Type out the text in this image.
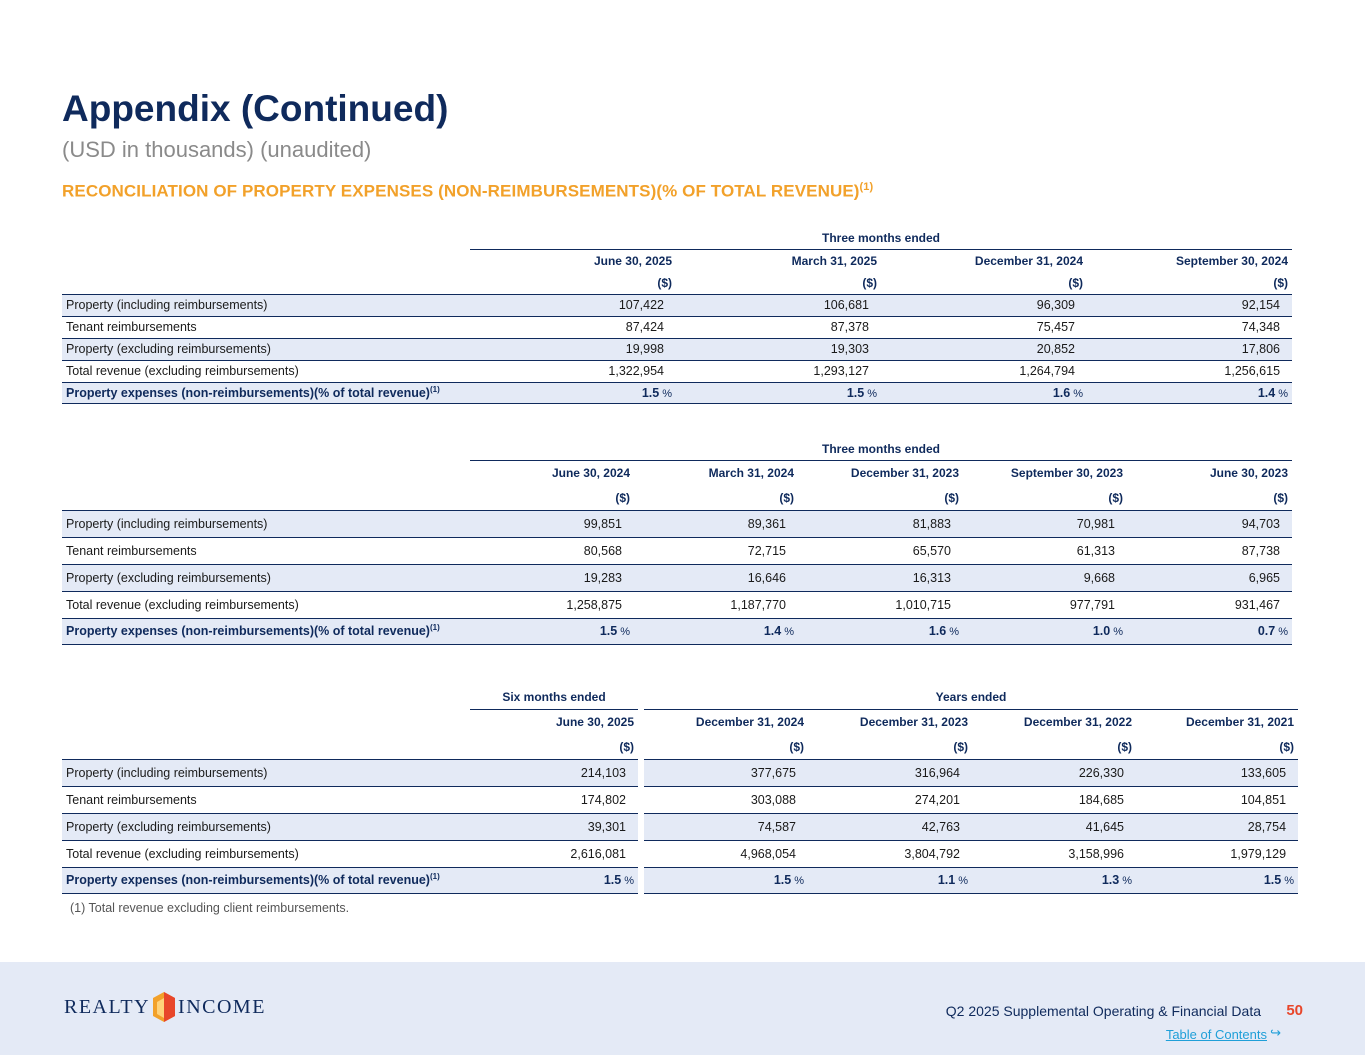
Appendix (Continued)
(USD in thousands) (unaudited)
RECONCILIATION OF PROPERTY EXPENSES (NON-REIMBURSEMENTS)(% OF TOTAL REVENUE)$^{(1)}$
	Three months ended			
	June 30, 2025	March 31, 2025	December 31, 2024	September 30, 2024
	($)	($)	($)	($)
Property (including reimbursements)	107,422	106,681	96,309	92,154
Tenant reimbursements	87,424	87,378	75,457	74,348
Property (excluding reimbursements)	19,998	19,303	20,852	17,806
Total revenue (excluding reimbursements)	1,322,954	1,293,127	1,264,794	1,256,615
Property expenses (non-reimbursements)(% of total revenue)$^{(1)}$	1.5 %	1.5 %	1.6 %	1.4 %
	Three months ended				
	June 30, 2024	March 31, 2024	December 31, 2023	September 30, 2023	June 30, 2023
	($)	($)	($)	($)	($)
Property (including reimbursements)	99,851	89,361	81,883	70,981	94,703
Tenant reimbursements	80,568	72,715	65,570	61,313	87,738
Property (excluding reimbursements)	19,283	16,646	16,313	9,668	6,965
Total revenue (excluding reimbursements)	1,258,875	1,187,770	1,010,715	977,791	931,467
Property expenses (non-reimbursements)(% of total revenue)$^{(1)}$	1.5 %	1.4 %	1.6 %	1.0 %	0.7 %
	Six months ended		Years ended			
	June 30, 2025		December 31, 2024	December 31, 2023	December 31, 2022	December 31, 2021
	($)		($)	($)	($)	($)
Property (including reimbursements)	214,103		377,675	316,964	226,330	133,605
Tenant reimbursements	174,802		303,088	274,201	184,685	104,851
Property (excluding reimbursements)	39,301		74,587	42,763	41,645	28,754
Total revenue (excluding reimbursements)	2,616,081		4,968,054	3,804,792	3,158,996	1,979,129
Property expenses (non-reimbursements)(% of total revenue)$^{(1)}$	1.5 %		1.5 %	1.1 %	1.3 %	1.5 %
(1) Total revenue excluding client reimbursements.
REALTY INCOME	Q2 2025 Supplemental Operating & Financial Data 50
Table of Contents ↪
